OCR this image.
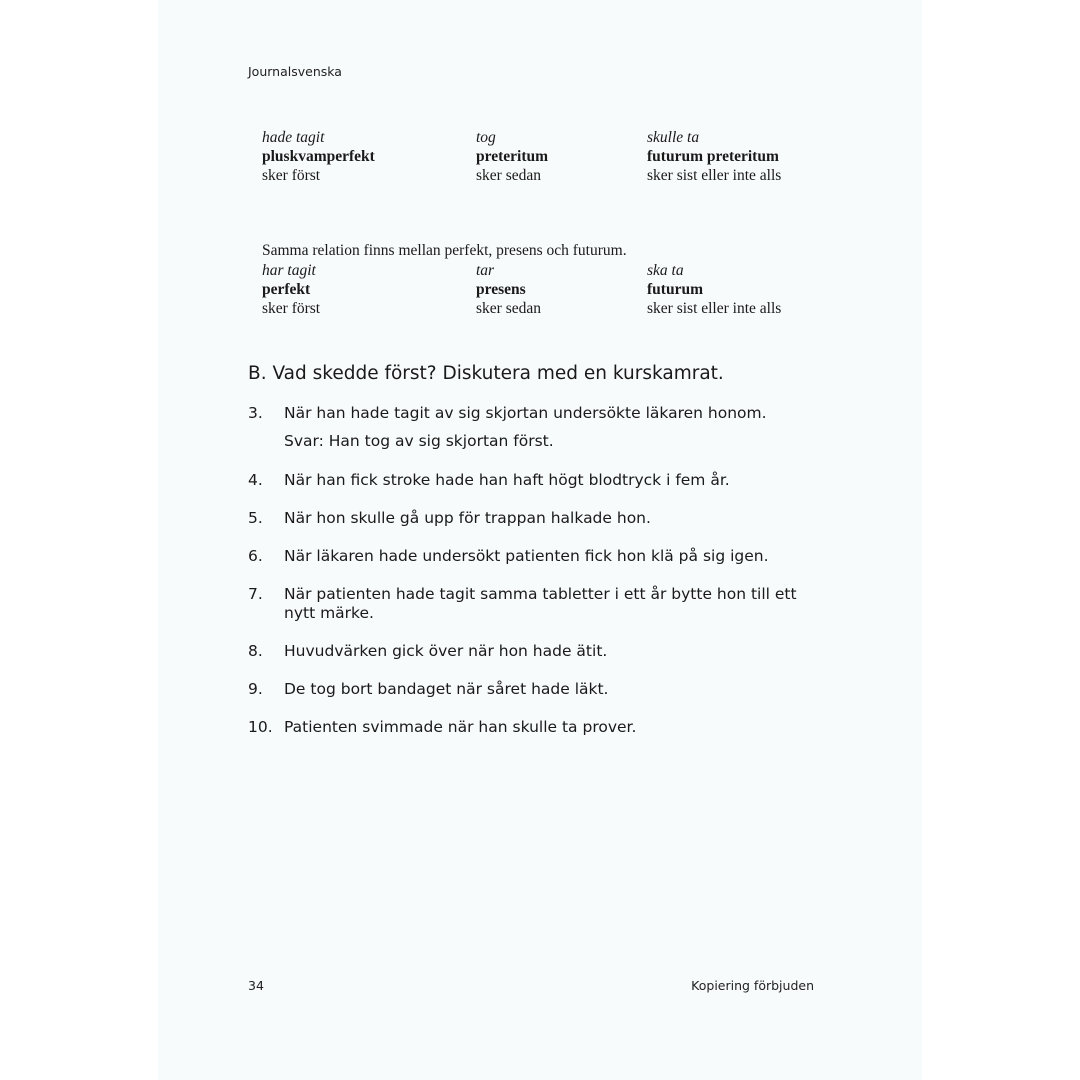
Journalsvenska
hade tagit
pluskvamperfekt
sker först
tog
preteritum
sker sedan
skulle ta
futurum preteritum
sker sist eller inte alls
Samma relation finns mellan perfekt, presens och futurum.
har tagit
perfekt
sker först
tar
presens
sker sedan
ska ta
futurum
sker sist eller inte alls
B. Vad skedde först? Diskutera med en kurskamrat.
3. När han hade tagit av sig skjortan undersökte läkaren honom.
Svar: Han tog av sig skjortan först.
4. När han fick stroke hade han haft högt blodtryck i fem år.
5. När hon skulle gå upp för trappan halkade hon.
6. När läkaren hade undersökt patienten fick hon klä på sig igen.
7. När patienten hade tagit samma tabletter i ett år bytte hon till ett nytt märke.
8. Huvudvärken gick över när hon hade ätit.
9. De tog bort bandaget när såret hade läkt.
10. Patienten svimmade när han skulle ta prover.
34	Kopiering förbjuden
